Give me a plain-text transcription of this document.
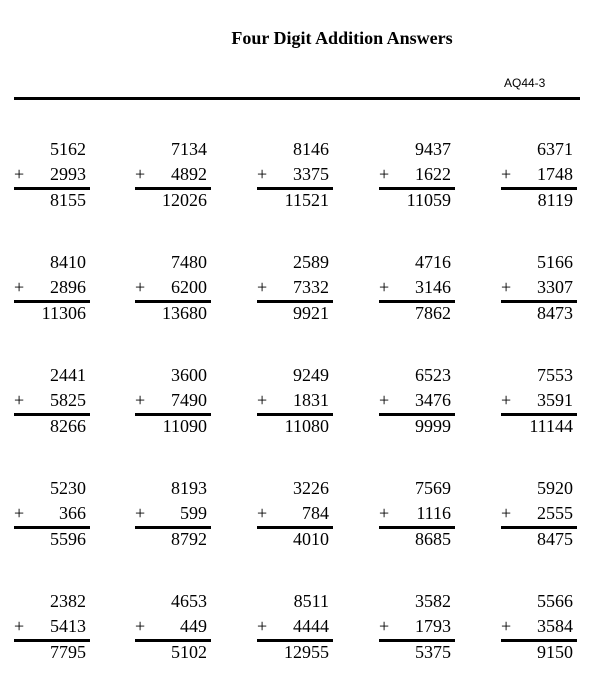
Four Digit Addition Answers
AQ44-3
5162
+ 2993
8155
7134
+ 4892
12026
8146
+ 3375
11521
9437
+ 1622
11059
6371
+ 1748
8119
8410
+ 2896
11306
7480
+ 6200
13680
2589
+ 7332
9921
4716
+ 3146
7862
5166
+ 3307
8473
2441
+ 5825
8266
3600
+ 7490
11090
9249
+ 1831
11080
6523
+ 3476
9999
7553
+ 3591
11144
5230
+ 366
5596
8193
+ 599
8792
3226
+ 784
4010
7569
+ 1116
8685
5920
+ 2555
8475
2382
+ 5413
7795
4653
+ 449
5102
8511
+ 4444
12955
3582
+ 1793
5375
5566
+ 3584
9150
